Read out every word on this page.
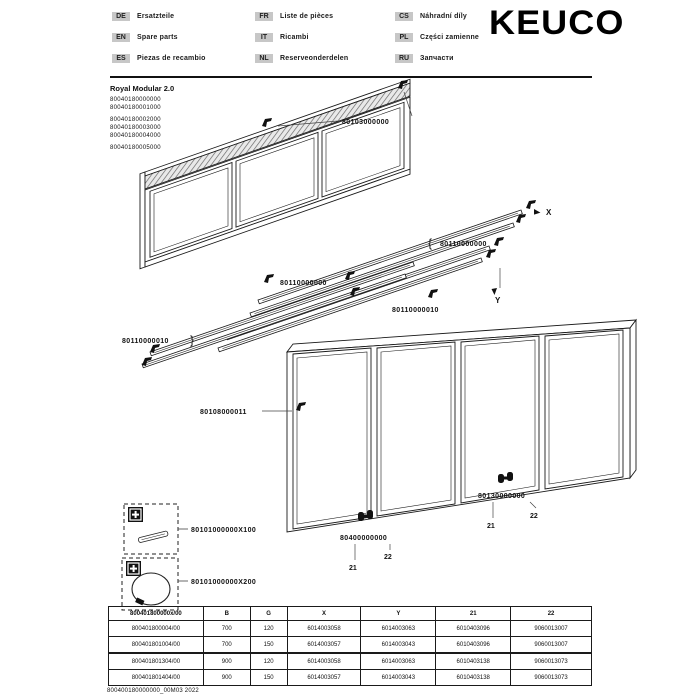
DE	Ersatzteile
EN	Spare parts
ES	Piezas de recambio
FR	Liste de pièces
IT	Ricambi
NL	Reserveonderdelen
CS	Náhradní díly
PL	Części zamienne
RU	Запчасти
KEUCO
Royal Modular 2.0
80040180000000
80040180001000
80040180002000
80040180003000
80040180004000
80040180005000
80103000000
X
Y
80110000000
{
80110000000
80110000010
80110000010 }
80108000011
80400000000
21
22
80130000000
21
22
80101000000X100
80101000000X200
800401800000x/00	B	G	X	Y	21	22
800401800004/00	700	120	6014003058	6014003063	6010403096	9060013007
800401801004/00	700	150	6014003057	6014003043	6010403096	9060013007
800401801304/00	900	120	6014003058	6014003063	6010403138	9060013073
800401801404/00	900	150	6014003057	6014003043	6010403138	9060013073
800400180000000_00M03 2022
